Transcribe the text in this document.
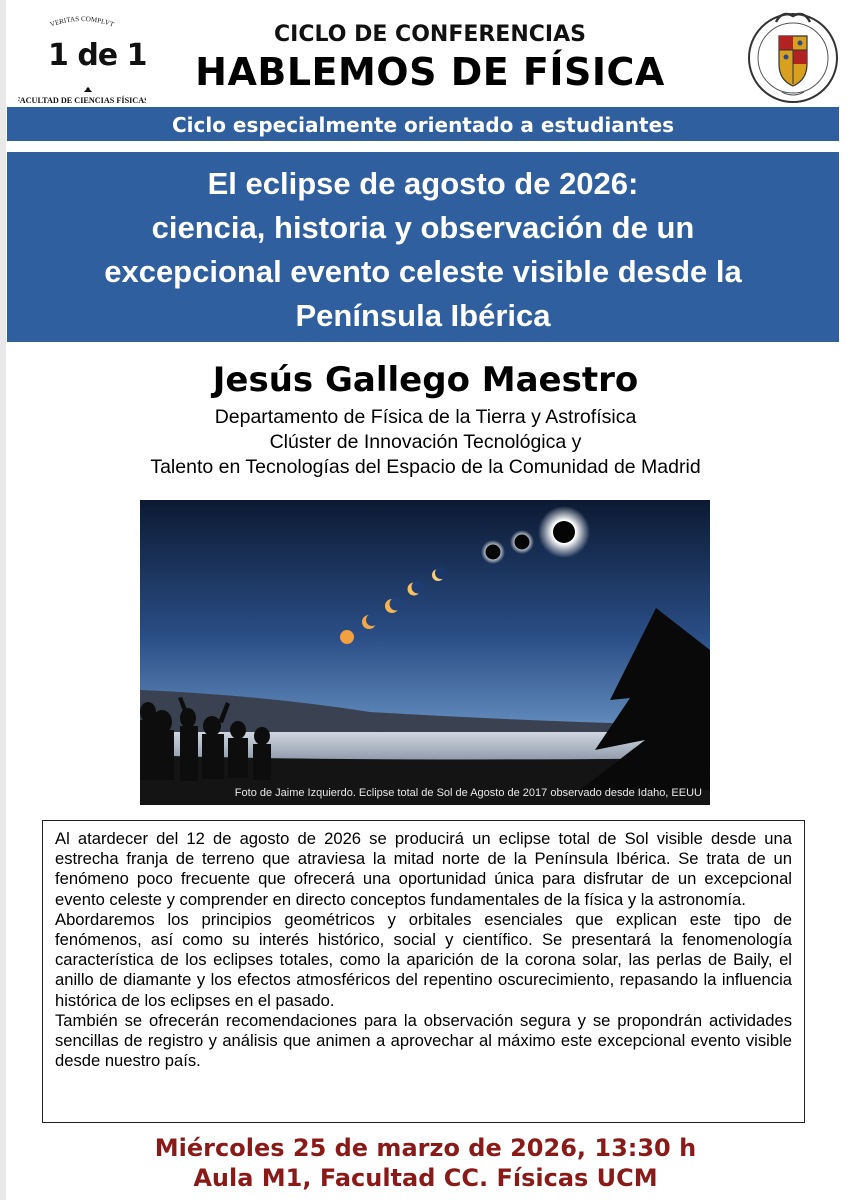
VERITAS COMPLVT
FACULTAD DE CIENCIAS FÍSICAS
1 de 1
CICLO DE CONFERENCIAS
HABLEMOS DE FÍSICA
Ciclo especialmente orientado a estudiantes
El eclipse de agosto de 2026:
ciencia, historia y observación de un
excepcional evento celeste visible desde la
Península Ibérica
Jesús Gallego Maestro
Departamento de Física de la Tierra y Astrofísica
Clúster de Innovación Tecnológica y
Talento en Tecnologías del Espacio de la Comunidad de Madrid
Foto de Jaime Izquierdo. Eclipse total de Sol de Agosto de 2017 observado desde Idaho, EEUU

Al atardecer del 12 de agosto de 2026 se producirá un eclipse total de Sol visible desde una estrecha franja de terreno que atraviesa la mitad norte de la Península Ibérica. Se trata de un fenómeno poco frecuente que ofrecerá una oportunidad única para disfrutar de un excepcional evento celeste y comprender en directo conceptos fundamentales de la física y la astronomía.

Abordaremos los principios geométricos y orbitales esenciales que explican este tipo de fenómenos, así como su interés histórico, social y científico. Se presentará la fenomenología característica de los eclipses totales, como la aparición de la corona solar, las perlas de Baily, el anillo de diamante y los efectos atmosféricos del repentino oscurecimiento, repasando la influencia histórica de los eclipses en el pasado.

También se ofrecerán recomendaciones para la observación segura y se propondrán actividades sencillas de registro y análisis que animen a aprovechar al máximo este excepcional evento visible desde nuestro país.

Miércoles 25 de marzo de 2026, 13:30 h
Aula M1, Facultad CC. Físicas UCM
